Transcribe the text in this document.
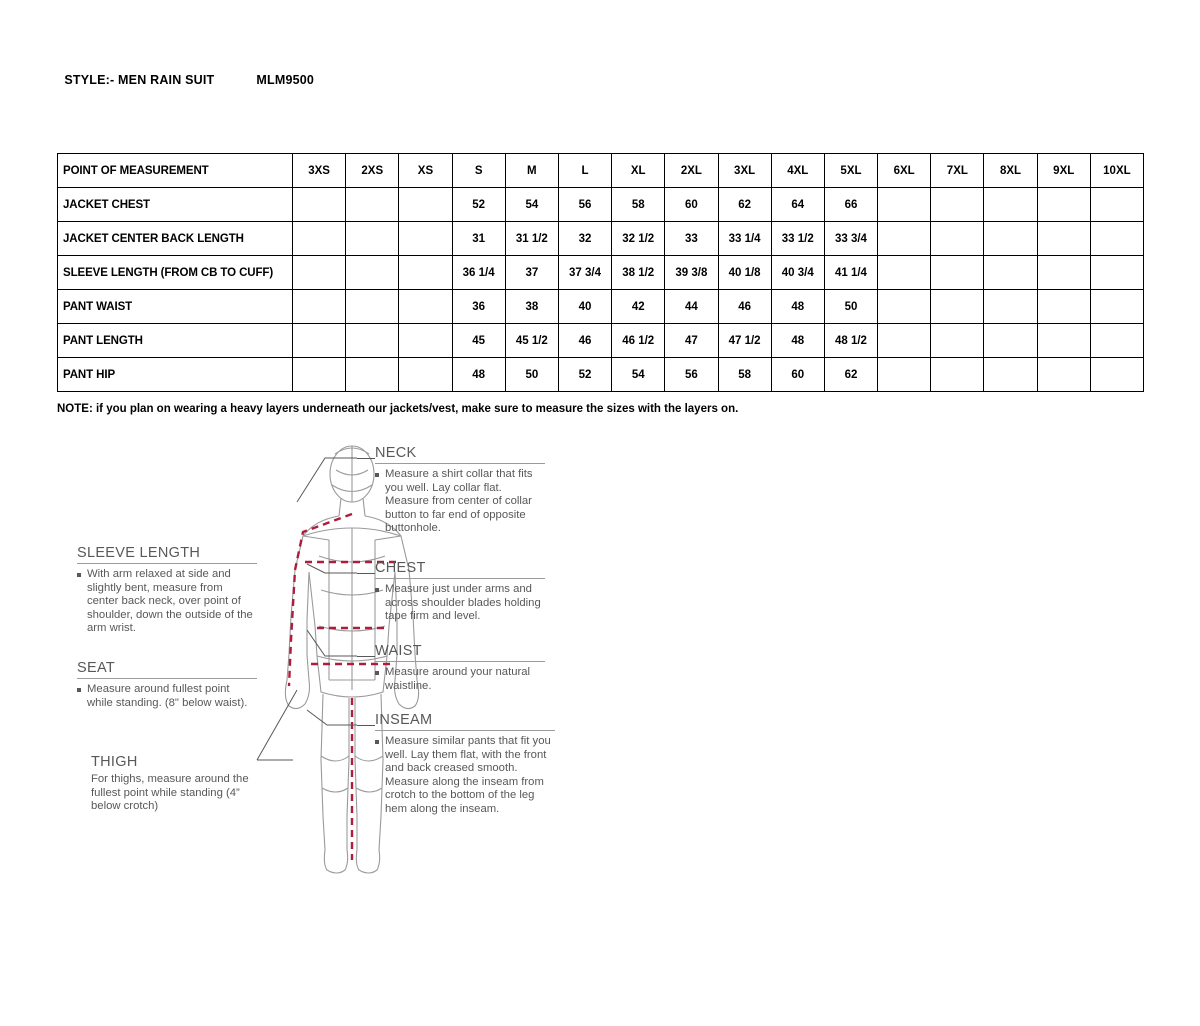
STYLE:- MEN RAIN SUIT	MLM9500

POINT OF MEASUREMENT	3XS	2XS	XS	S	M	L	XL	2XL	3XL	4XL	5XL	6XL	7XL	8XL	9XL	10XL
JACKET CHEST				52	54	56	58	60	62	64	66					
JACKET CENTER BACK LENGTH				31	31 1/2	32	32 1/2	33	33 1/4	33 1/2	33 3/4					
SLEEVE LENGTH (FROM CB TO CUFF)				36 1/4	37	37 3/4	38 1/2	39 3/8	40 1/8	40 3/4	41 1/4					
PANT WAIST				36	38	40	42	44	46	48	50					
PANT LENGTH				45	45 1/2	46	46 1/2	47	47 1/2	48	48 1/2					
PANT HIP				48	50	52	54	56	58	60	62					
NOTE: if you plan on wearing a heavy layers underneath our jackets/vest, make sure to measure the sizes with the layers on.
NECK
Measure a shirt collar that fits you well. Lay collar flat. Measure from center of collar button to far end of opposite buttonhole.
CHEST
Measure just under arms and across shoulder blades holding tape firm and level.
WAIST
Measure around your natural waistline.
INSEAM
Measure similar pants that fit you well. Lay them flat, with the front and back creased smooth. Measure along the inseam from crotch to the bottom of the leg hem along the inseam.
SLEEVE LENGTH
With arm relaxed at side and slightly bent, measure from center back neck, over point of shoulder, down the outside of the arm wrist.
SEAT
Measure around fullest point while standing. (8" below waist).
THIGH
For thighs, measure around the fullest point while standing (4” below crotch)
